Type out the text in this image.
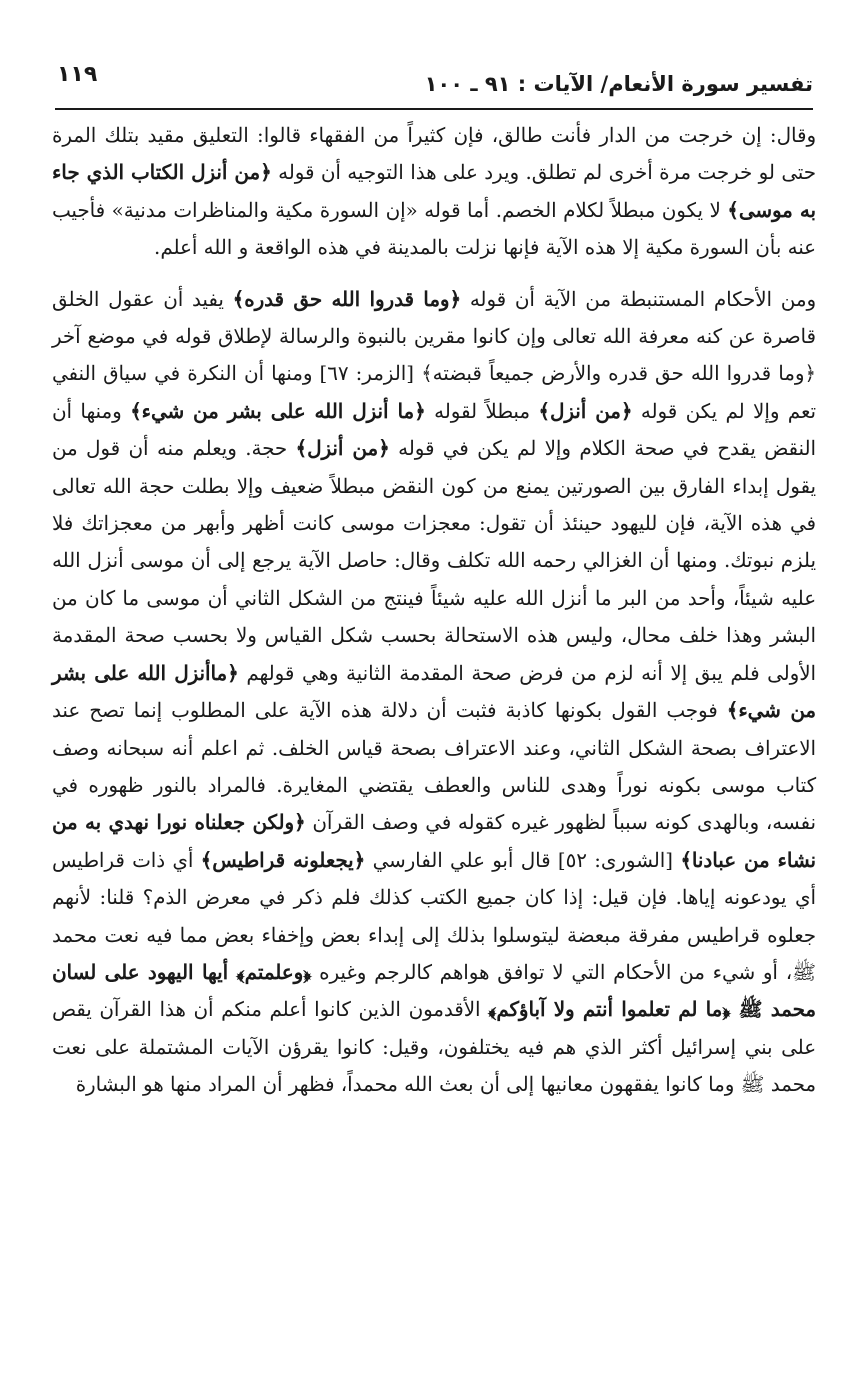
تفسير سورة الأنعام/ الآيات : ٩١ ـ ١٠٠
١١٩

وقال: إن خرجت من الدار فأنت طالق، فإن كثيراً من الفقهاء قالوا: التعليق مقيد بتلك المرة حتى لو خرجت مرة أخرى لم تطلق. ويرد على هذا التوجيه أن قوله ﴿من أنزل الكتاب الذي جاء به موسى﴾ لا يكون مبطلاً لكلام الخصم. أما قوله «إن السورة مكية والمناظرات مدنية» فأجيب عنه بأن السورة مكية إلا هذه الآية فإنها نزلت بالمدينة في هذه الواقعة و الله أعلم.

ومن الأحكام المستنبطة من الآية أن قوله ﴿وما قدروا الله حق قدره﴾ يفيد أن عقول الخلق قاصرة عن كنه معرفة الله تعالى وإن كانوا مقرين بالنبوة والرسالة لإطلاق قوله في موضع آخر ﴿وما قدروا الله حق قدره والأرض جميعاً قبضته﴾ [الزمر: ٦٧] ومنها أن النكرة في سياق النفي تعم وإلا لم يكن قوله ﴿من أنزل﴾ مبطلاً لقوله ﴿ما أنزل الله على بشر من شيء﴾ ومنها أن النقض يقدح في صحة الكلام وإلا لم يكن في قوله ﴿من أنزل﴾ حجة. ويعلم منه أن قول من يقول إبداء الفارق بين الصورتين يمنع من كون النقض مبطلاً ضعيف وإلا بطلت حجة الله تعالى في هذه الآية، فإن لليهود حينئذ أن تقول: معجزات موسى كانت أظهر وأبهر من معجزاتك فلا يلزم نبوتك. ومنها أن الغزالي رحمه الله تكلف وقال: حاصل الآية يرجع إلى أن موسى أنزل الله عليه شيئاً، وأحد من البر ما أنزل الله عليه شيئاً فينتج من الشكل الثاني أن موسى ما كان من البشر وهذا خلف محال، وليس هذه الاستحالة بحسب شكل القياس ولا بحسب صحة المقدمة الأولى فلم يبق إلا أنه لزم من فرض صحة المقدمة الثانية وهي قولهم ﴿ماأنزل الله على بشر من شيء﴾ فوجب القول بكونها كاذبة فثبت أن دلالة هذه الآية على المطلوب إنما تصح عند الاعتراف بصحة الشكل الثاني، وعند الاعتراف بصحة قياس الخلف. ثم اعلم أنه سبحانه وصف كتاب موسى بكونه نوراً وهدى للناس والعطف يقتضي المغايرة. فالمراد بالنور ظهوره في نفسه، وبالهدى كونه سبباً لظهور غيره كقوله في وصف القرآن ﴿ولكن جعلناه نورا نهدي به من نشاء من عبادنا﴾ [الشورى: ٥٢] قال أبو علي الفارسي ﴿يجعلونه قراطيس﴾ أي ذات قراطيس أي يودعونه إياها. فإن قيل: إذا كان جميع الكتب كذلك فلم ذكر في معرض الذم؟ قلنا: لأنهم جعلوه قراطيس مفرقة مبعضة ليتوسلوا بذلك إلى إبداء بعض وإخفاء بعض مما فيه نعت محمد ﷺ، أو شيء من الأحكام التي لا توافق هواهم كالرجم وغيره ﴿وعلمتم﴾ أيها اليهود على لسان محمد ﷺ ﴿ما لم تعلموا أنتم ولا آباؤكم﴾ الأقدمون الذين كانوا أعلم منكم أن هذا القرآن يقص على بني إسرائيل أكثر الذي هم فيه يختلفون، وقيل: كانوا يقرؤن الآيات المشتملة على نعت محمد ﷺ وما كانوا يفقهون معانيها إلى أن بعث الله محمداً، فظهر أن المراد منها هو البشارة
